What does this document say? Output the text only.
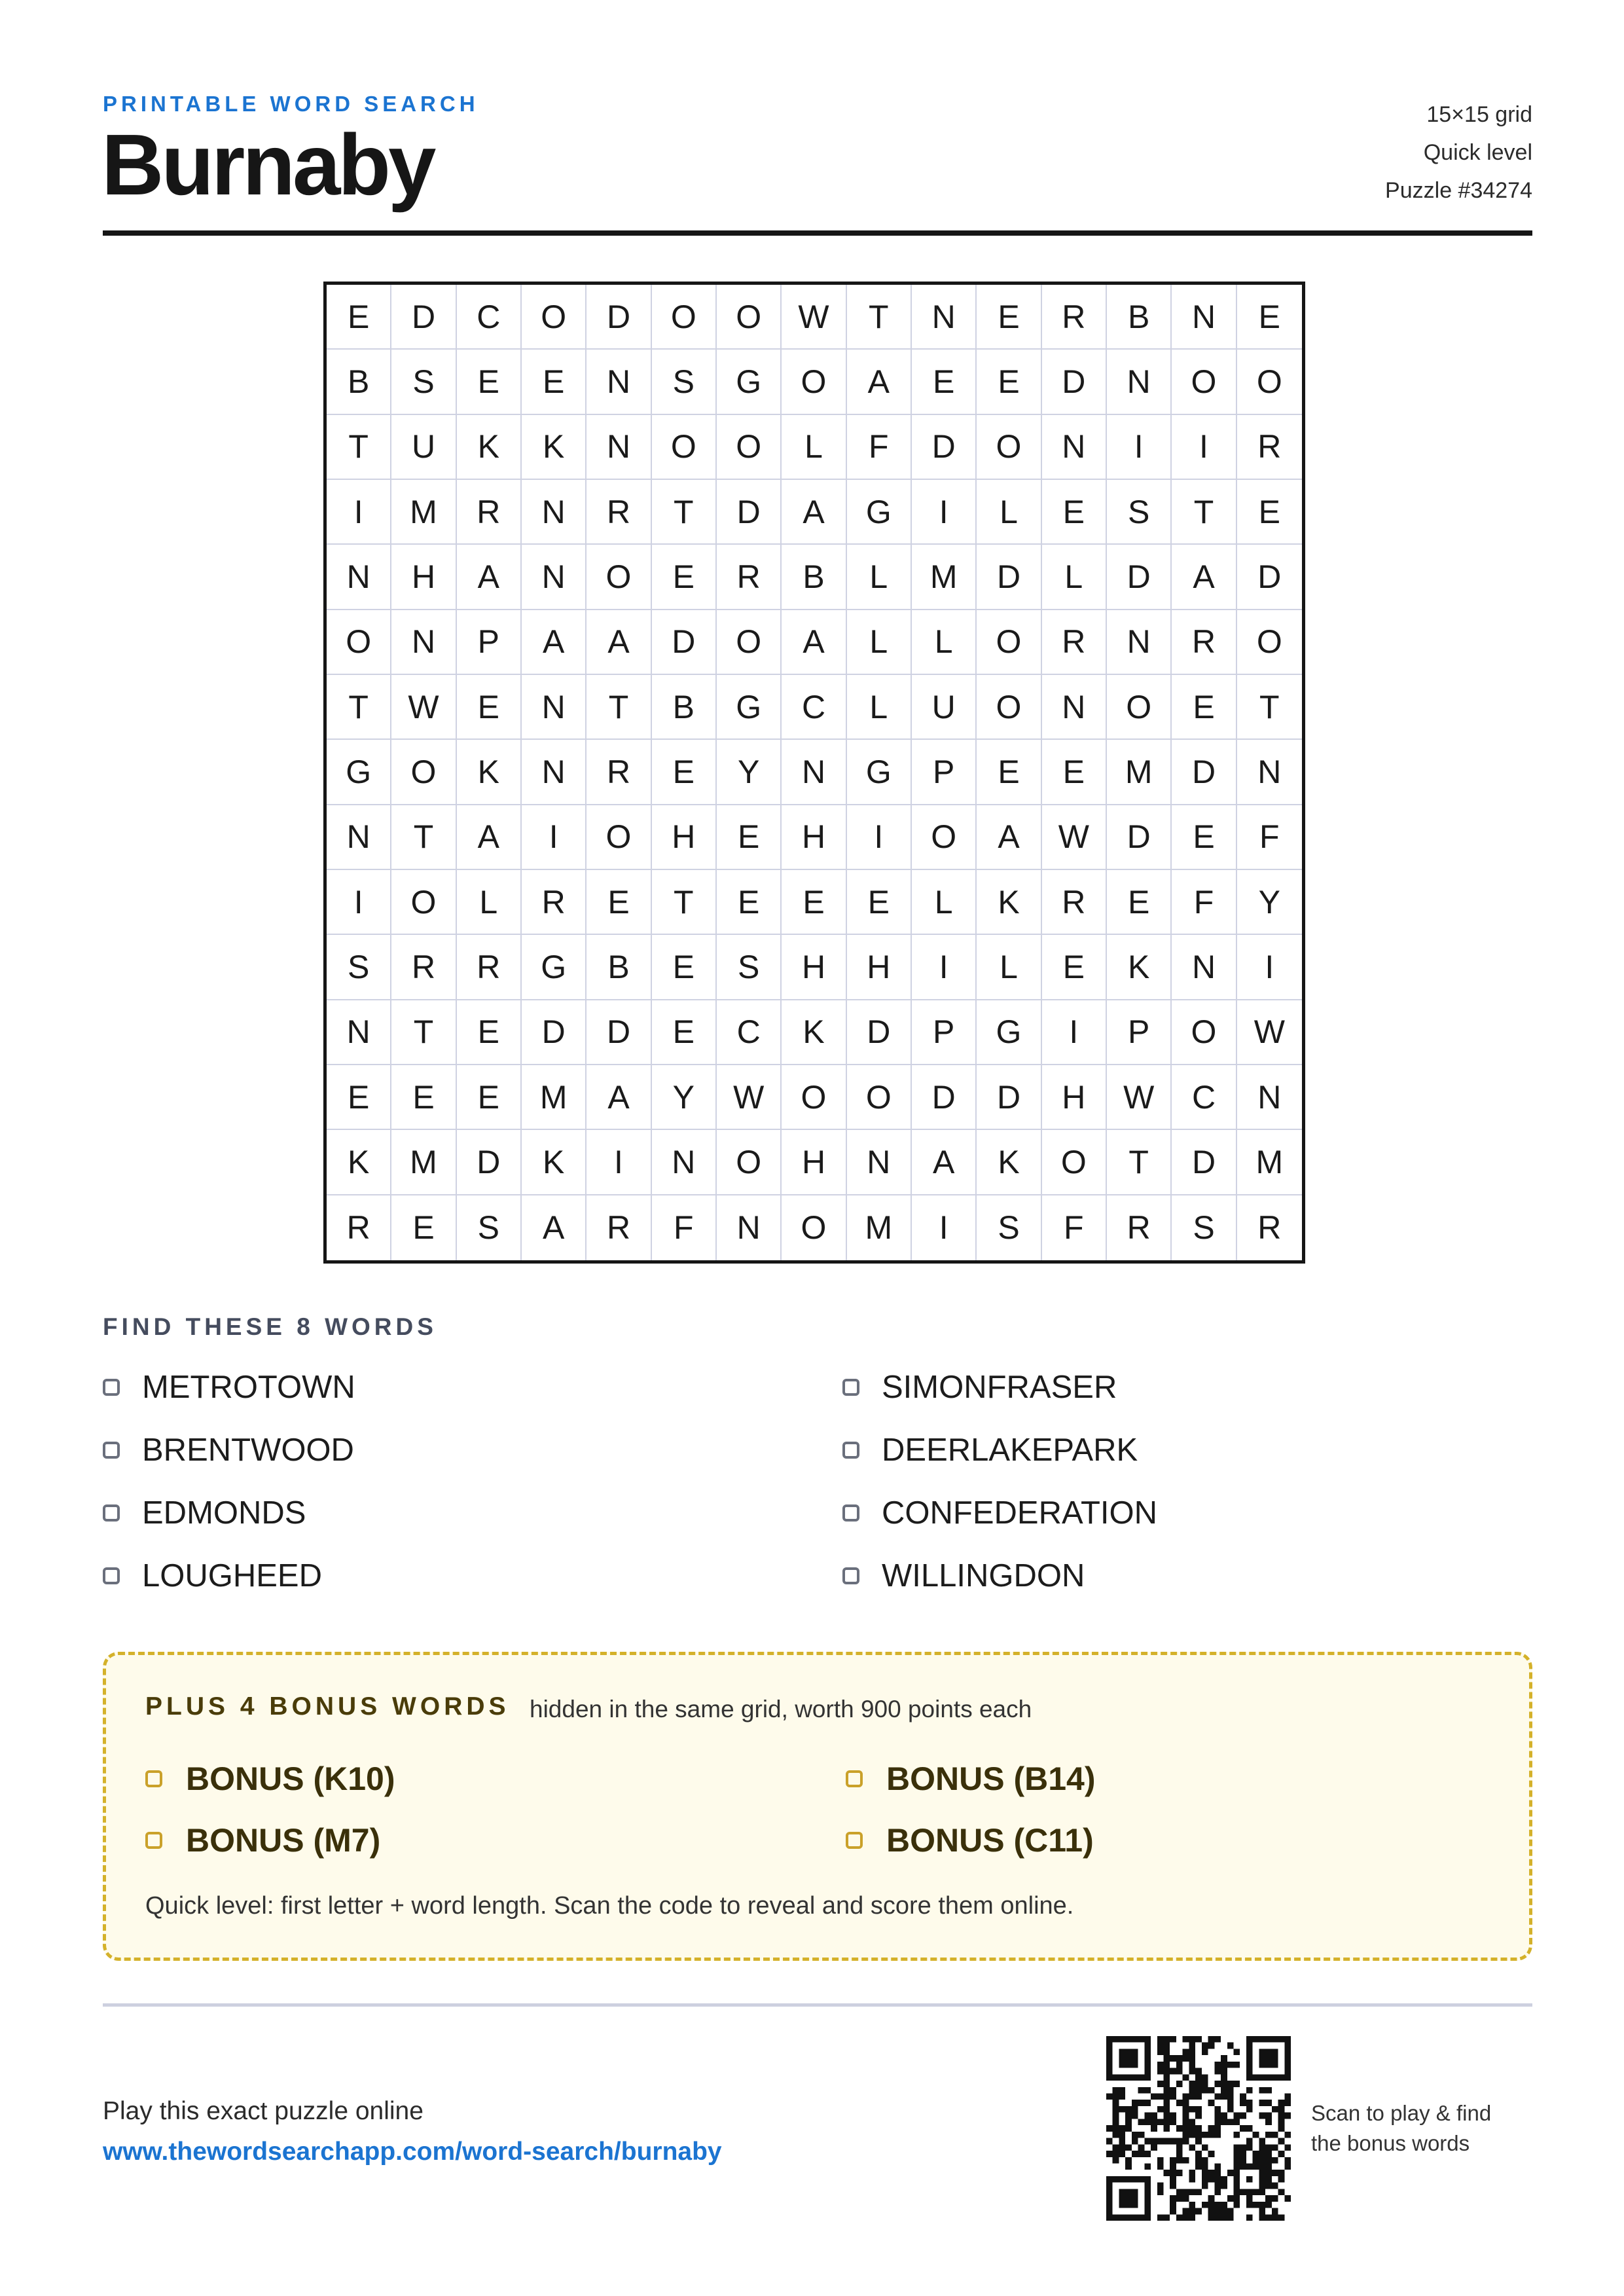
PRINTABLE WORD SEARCH
Burnaby
15×15 grid
Quick level
Puzzle #34274
E	D	C	O	D	O	O	W	T	N	E	R	B	N	E
B	S	E	E	N	S	G	O	A	E	E	D	N	O	O
T	U	K	K	N	O	O	L	F	D	O	N	I	I	R
I	M	R	N	R	T	D	A	G	I	L	E	S	T	E
N	H	A	N	O	E	R	B	L	M	D	L	D	A	D
O	N	P	A	A	D	O	A	L	L	O	R	N	R	O
T	W	E	N	T	B	G	C	L	U	O	N	O	E	T
G	O	K	N	R	E	Y	N	G	P	E	E	M	D	N
N	T	A	I	O	H	E	H	I	O	A	W	D	E	F
I	O	L	R	E	T	E	E	E	L	K	R	E	F	Y
S	R	R	G	B	E	S	H	H	I	L	E	K	N	I
N	T	E	D	D	E	C	K	D	P	G	I	P	O	W
E	E	E	M	A	Y	W	O	O	D	D	H	W	C	N
K	M	D	K	I	N	O	H	N	A	K	O	T	D	M
R	E	S	A	R	F	N	O	M	I	S	F	R	S	R
FIND THESE 8 WORDS
METROTOWN	SIMONFRASER
BRENTWOOD	DEERLAKEPARK
EDMONDS	CONFEDERATION
LOUGHEED	WILLINGDON
PLUS 4 BONUS WORDS hidden in the same grid, worth 900 points each
BONUS (K10)	BONUS (B14)
BONUS (M7)	BONUS (C11)
Quick level: first letter + word length. Scan the code to reveal and score them online.
Play this exact puzzle online
www.thewordsearchapp.com/word-search/burnaby
Scan to play & find
the bonus words
